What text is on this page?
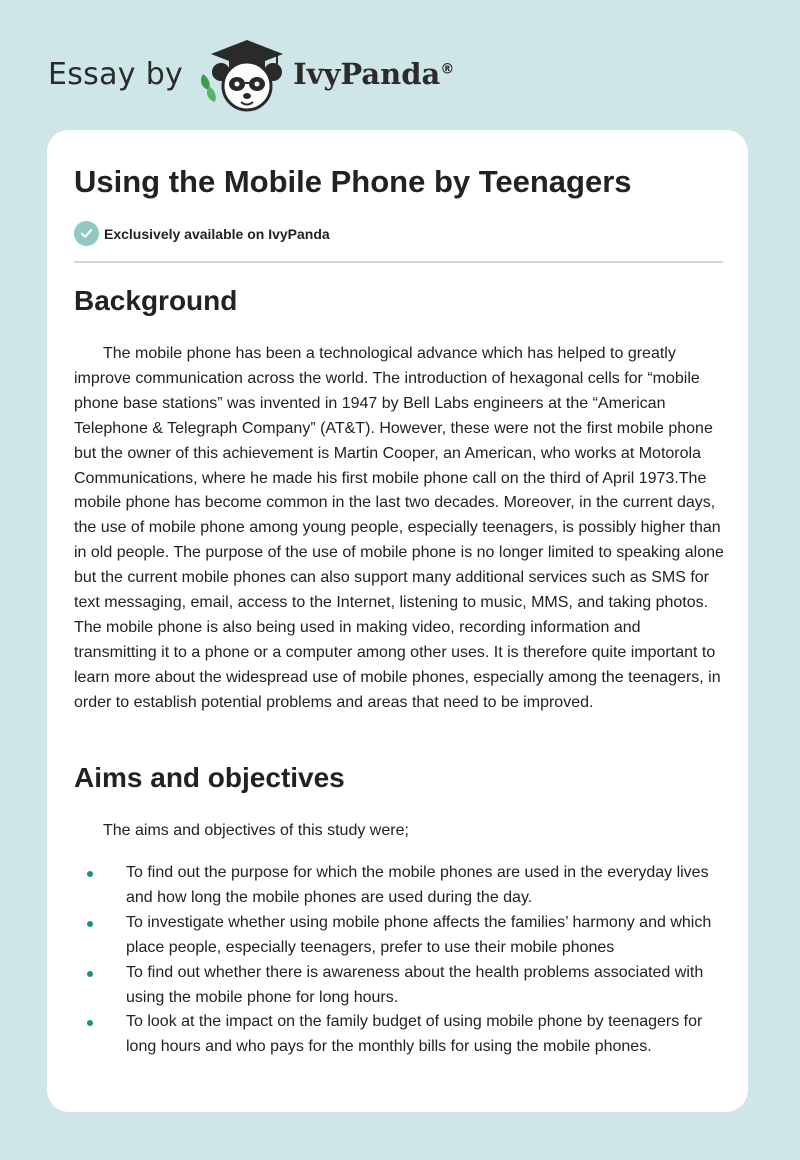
Essay by	IvyPanda®
Using the Mobile Phone by Teenagers
Exclusively available on IvyPanda
Background

The mobile phone has been a technological advance which has helped to greatly improve communication across the world. The introduction of hexagonal cells for “mobile phone base stations” was invented in 1947 by Bell Labs engineers at the “American Telephone & Telegraph Company” (AT&T). However, these were not the first mobile phone but the owner of this achievement is Martin Cooper, an American, who works at Motorola Communications, where he made his first mobile phone call on the third of April 1973.The mobile phone has become common in the last two decades. Moreover, in the current days, the use of mobile phone among young people, especially teenagers, is possibly higher than in old people. The purpose of the use of mobile phone is no longer limited to speaking alone but the current mobile phones can also support many additional services such as SMS for text messaging, email, access to the Internet, listening to music, MMS, and taking photos. The mobile phone is also being used in making video, recording information and transmitting it to a phone or a computer among other uses. It is therefore quite important to learn more about the widespread use of mobile phones, especially among the teenagers, in order to establish potential problems and areas that need to be improved.

Aims and objectives

The aims and objectives of this study were;

To find out the purpose for which the mobile phones are used in the everyday lives and how long the mobile phones are used during the day.
To investigate whether using mobile phone affects the families’ harmony and which place people, especially teenagers, prefer to use their mobile phones
To find out whether there is awareness about the health problems associated with using the mobile phone for long hours.
To look at the impact on the family budget of using mobile phone by teenagers for long hours and who pays for the monthly bills for using the mobile phones.
